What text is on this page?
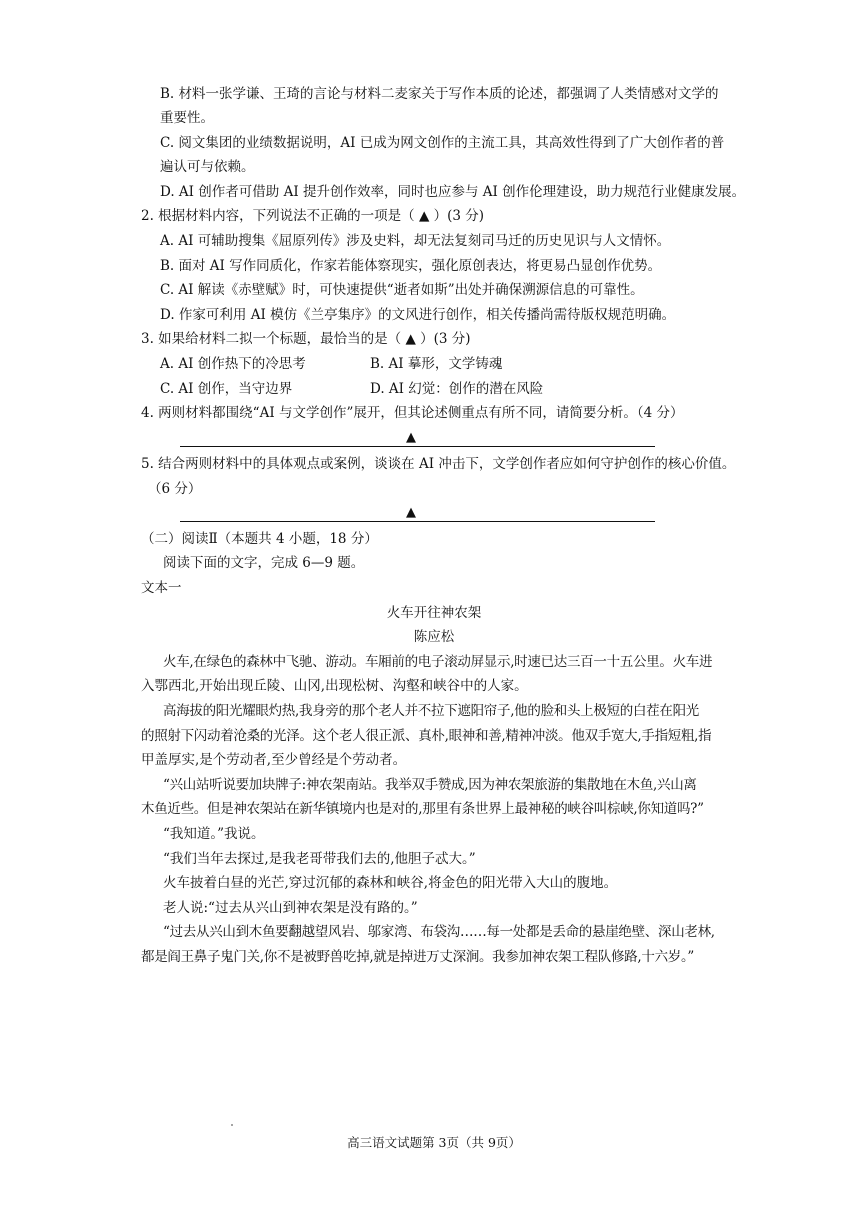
B. 材料一张学谦、王琦的言论与材料二麦家关于写作本质的论述，都强调了人类情感对文学的
重要性。
C. 阅文集团的业绩数据说明，AI 已成为网文创作的主流工具，其高效性得到了广大创作者的普
遍认可与依赖。
D. AI 创作者可借助 AI 提升创作效率，同时也应参与 AI 创作伦理建设，助力规范行业健康发展。
2. 根据材料内容，下列说法不正确的一项是（ ▲ ）(3 分)
A. AI 可辅助搜集《屈原列传》涉及史料，却无法复刻司马迁的历史见识与人文情怀。
B. 面对 AI 写作同质化，作家若能体察现实，强化原创表达，将更易凸显创作优势。
C. AI 解读《赤壁赋》时，可快速提供“逝者如斯”出处并确保溯源信息的可靠性。
D. 作家可利用 AI 模仿《兰亭集序》的文风进行创作，相关传播尚需待版权规范明确。
3. 如果给材料二拟一个标题，最恰当的是（ ▲ ）(3 分)
A. AI 创作热下的冷思考	B. AI 摹形，文学铸魂
C. AI 创作，当守边界	D. AI 幻觉：创作的潜在风险
4. 两则材料都围绕“AI 与文学创作”展开，但其论述侧重点有所不同，请简要分析。（4 分）
▲
5. 结合两则材料中的具体观点或案例，谈谈在 AI 冲击下，文学创作者应如何守护创作的核心价值。
（6 分）
▲
（二）阅读Ⅱ（本题共 4 小题，18 分）
阅读下面的文字，完成 6—9 题。
文本一
火车开往神农架
陈应松
火车,在绿色的森林中飞驰、游动。车厢前的电子滚动屏显示,时速已达三百一十五公里。火车进
入鄂西北,开始出现丘陵、山冈,出现松树、沟壑和峡谷中的人家。
高海拔的阳光耀眼灼热,我身旁的那个老人并不拉下遮阳帘子,他的脸和头上极短的白茬在阳光
的照射下闪动着沧桑的光泽。这个老人很正派、真朴,眼神和善,精神冲淡。他双手宽大,手指短粗,指
甲盖厚实,是个劳动者,至少曾经是个劳动者。
“兴山站听说要加块牌子:神农架南站。我举双手赞成,因为神农架旅游的集散地在木鱼,兴山离
木鱼近些。但是神农架站在新华镇境内也是对的,那里有条世界上最神秘的峡谷叫棕峡,你知道吗?”
“我知道。”我说。
“我们当年去探过,是我老哥带我们去的,他胆子忒大。”
火车披着白昼的光芒,穿过沉郁的森林和峡谷,将金色的阳光带入大山的腹地。
老人说:“过去从兴山到神农架是没有路的。”
“过去从兴山到木鱼要翻越望风岩、邬家湾、布袋沟……每一处都是丢命的悬崖绝壁、深山老林,
都是阎王鼻子鬼门关,你不是被野兽吃掉,就是掉进万丈深涧。我参加神农架工程队修路,十六岁。”
高三语文试题第 3页（共 9页）
